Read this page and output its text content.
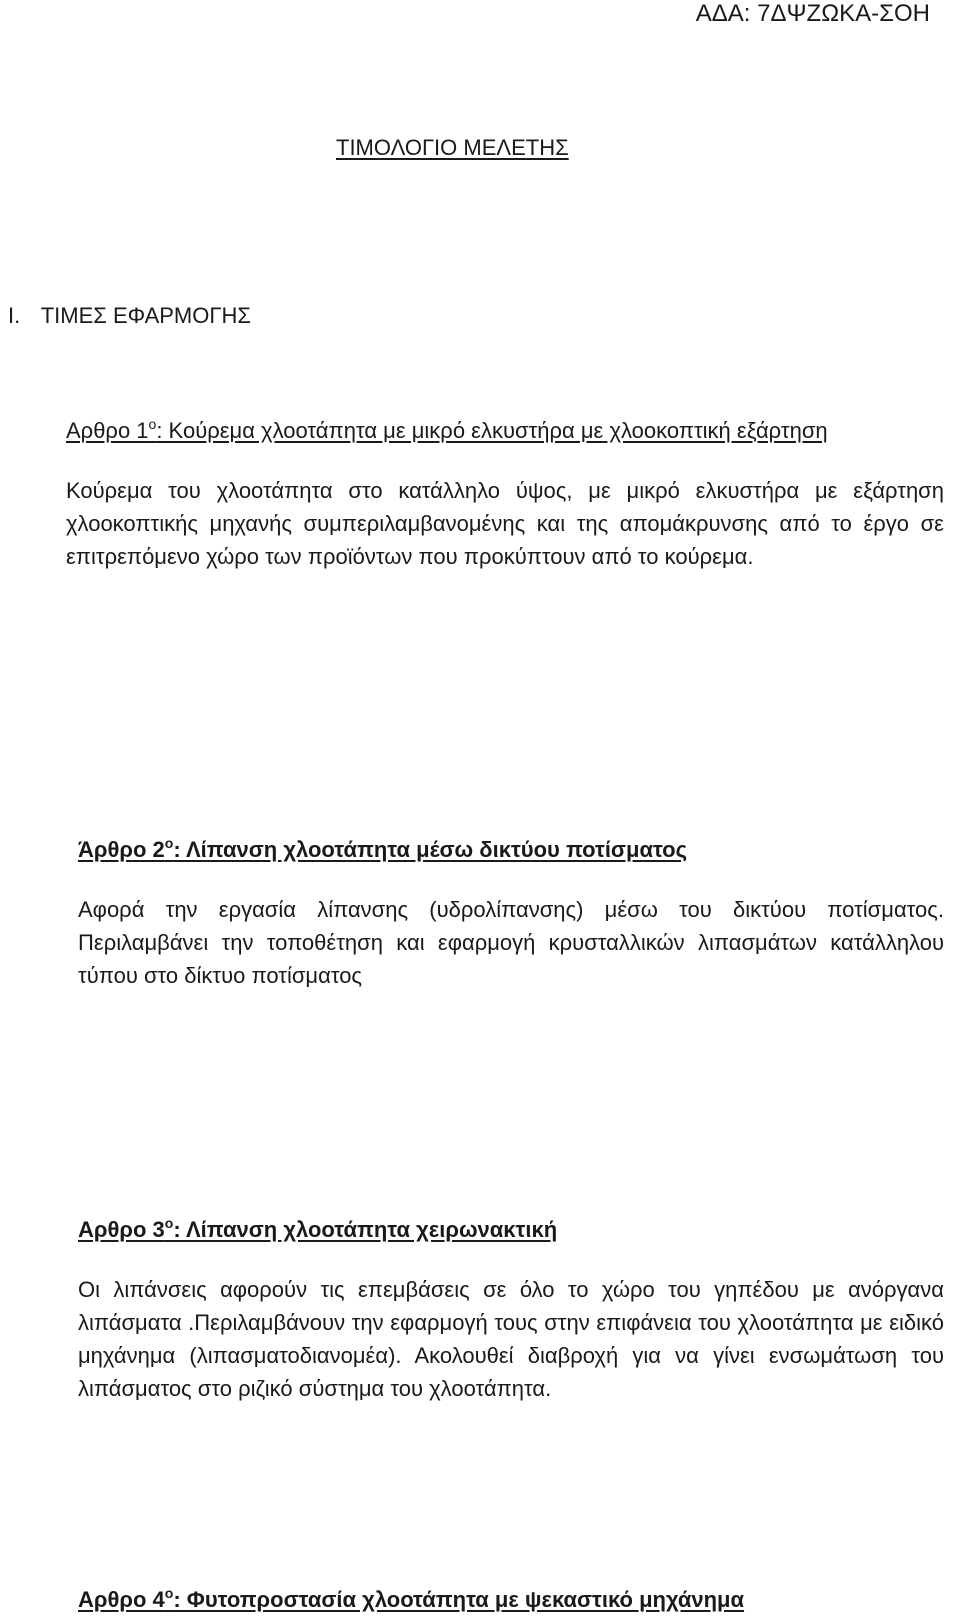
ΑΔΑ: 7ΔΨΖΩΚΑ-ΣΟΗ
ΤΙΜΟΛΟΓΙΟ ΜΕΛΕΤΗΣ
Ι. ΤΙΜΕΣ ΕΦΑΡΜΟΓΗΣ

Αρθρο $1^o$: Κούρεμα χλοοτάπητα με μικρό ελκυστήρα με χλοοκοπτική εξάρτηση

Κούρεμα του χλοοτάπητα στο κατάλληλο ύψος, με μικρό ελκυστήρα με εξάρτηση χλοοκοπτικής μηχανής συμπεριλαμβανομένης και της απομάκρυνσης από το έργο σε επιτρεπόμενο χώρο των προϊόντων που προκύπτουν από το κούρεμα.

Άρθρο $2^o$: Λίπανση χλοοτάπητα μέσω δικτύου ποτίσματος

Αφορά την εργασία λίπανσης (υδρολίπανσης) μέσω του δικτύου ποτίσματος. Περιλαμβάνει την τοποθέτηση και εφαρμογή κρυσταλλικών λιπασμάτων κατάλληλου τύπου στο δίκτυο ποτίσματος

Αρθρο $3^o$: Λίπανση χλοοτάπητα χειρωνακτική

Οι λιπάνσεις αφορούν τις επεμβάσεις σε όλο το χώρο του γηπέδου με ανόργανα λιπάσματα .Περιλαμβάνουν την εφαρμογή τους στην επιφάνεια του χλοοτάπητα με ειδικό μηχάνημα (λιπασματοδιανομέα). Ακολουθεί διαβροχή για να γίνει ενσωμάτωση του λιπάσματος στο ριζικό σύστημα του χλοοτάπητα.

Αρθρο $4^o$: Φυτοπροστασία χλοοτάπητα με ψεκαστικό μηχάνημα
